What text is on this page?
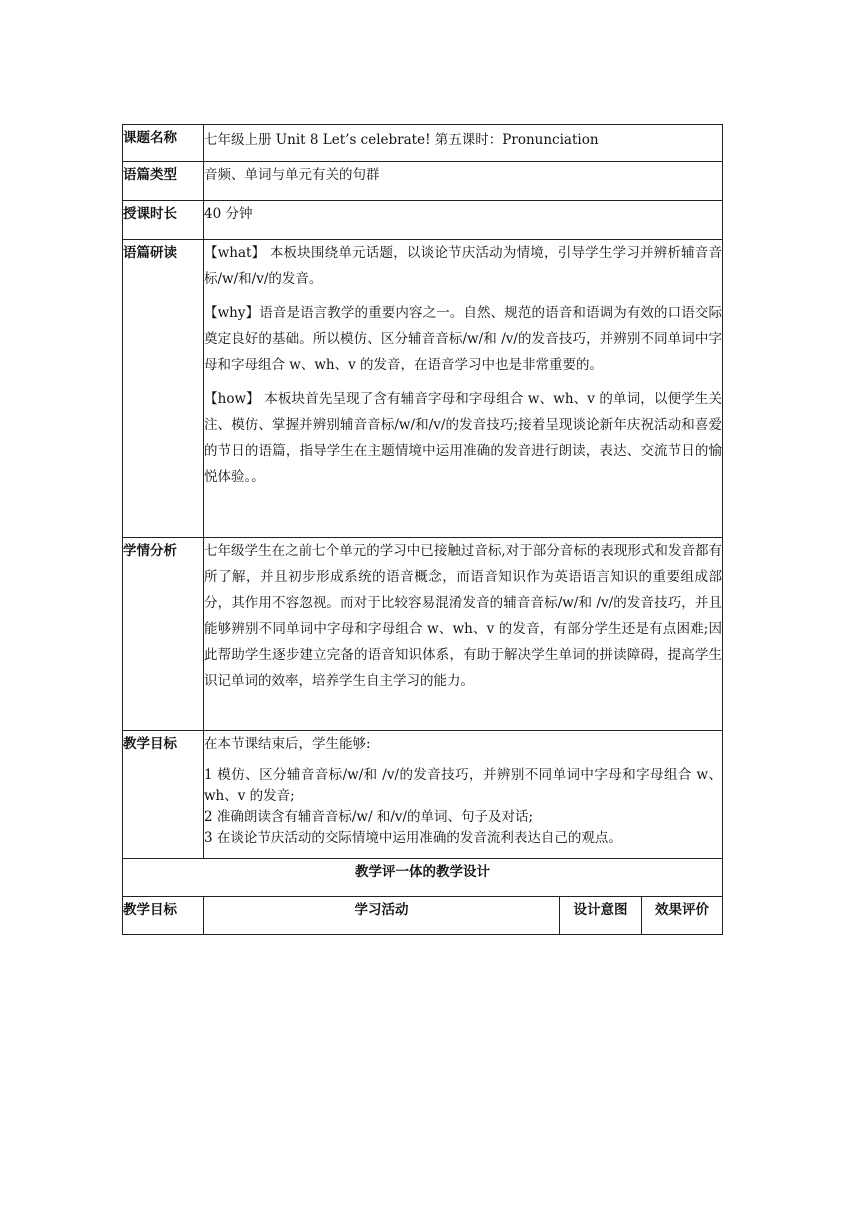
课题名称	七年级上册 Unit 8 Let’s celebrate! 第五课时：Pronunciation		
语篇类型	音频、单词与单元有关的句群		
授课时长	40 分钟		
语篇研读	【what】 本板块围绕单元话题，以谈论节庆活动为情境，引导学生学习并辨析辅音音标/w/和/v/的发音。

【why】语音是语言教学的重要内容之一。自然、规范的语音和语调为有效的口语交际奠定良好的基础。所以模仿、区分辅音音标/w/和 /v/的发音技巧，并辨别不同单词中字母和字母组合 w、wh、v 的发音，在语音学习中也是非常重要的。

【how】 本板块首先呈现了含有辅音字母和字母组合 w、wh、v 的单词，以便学生关注、模仿、掌握并辨别辅音音标/w/和/v/的发音技巧;接着呈现谈论新年庆祝活动和喜爱的节日的语篇，指导学生在主题情境中运用准确的发音进行朗读，表达、交流节日的愉悦体验。。		

学情分析	七年级学生在之前七个单元的学习中已接触过音标,对于部分音标的表现形式和发音都有所了解，并且初步形成系统的语音概念，而语音知识作为英语语言知识的重要组成部分，其作用不容忽视。而对于比较容易混淆发音的辅音音标/w/和 /v/的发音技巧，并且能够辨别不同单词中字母和字母组合 w、wh、v 的发音，有部分学生还是有点困难;因此帮助学生逐步建立完备的语音知识体系，有助于解决学生单词的拼读障碍，提高学生识记单词的效率，培养学生自主学习的能力。		

教学目标	在本节课结束后，学生能够:

1 模仿、区分辅音音标/w/和 /v/的发音技巧，并辨别不同单词中字母和字母组合 w、wh、v 的发音;

2 准确朗读含有辅音音标/w/ 和/v/的单词、句子及对话;

3 在谈论节庆活动的交际情境中运用准确的发音流利表达自己的观点。		

教学评一体的教学设计			
教学目标	学习活动	设计意图	效果评价
